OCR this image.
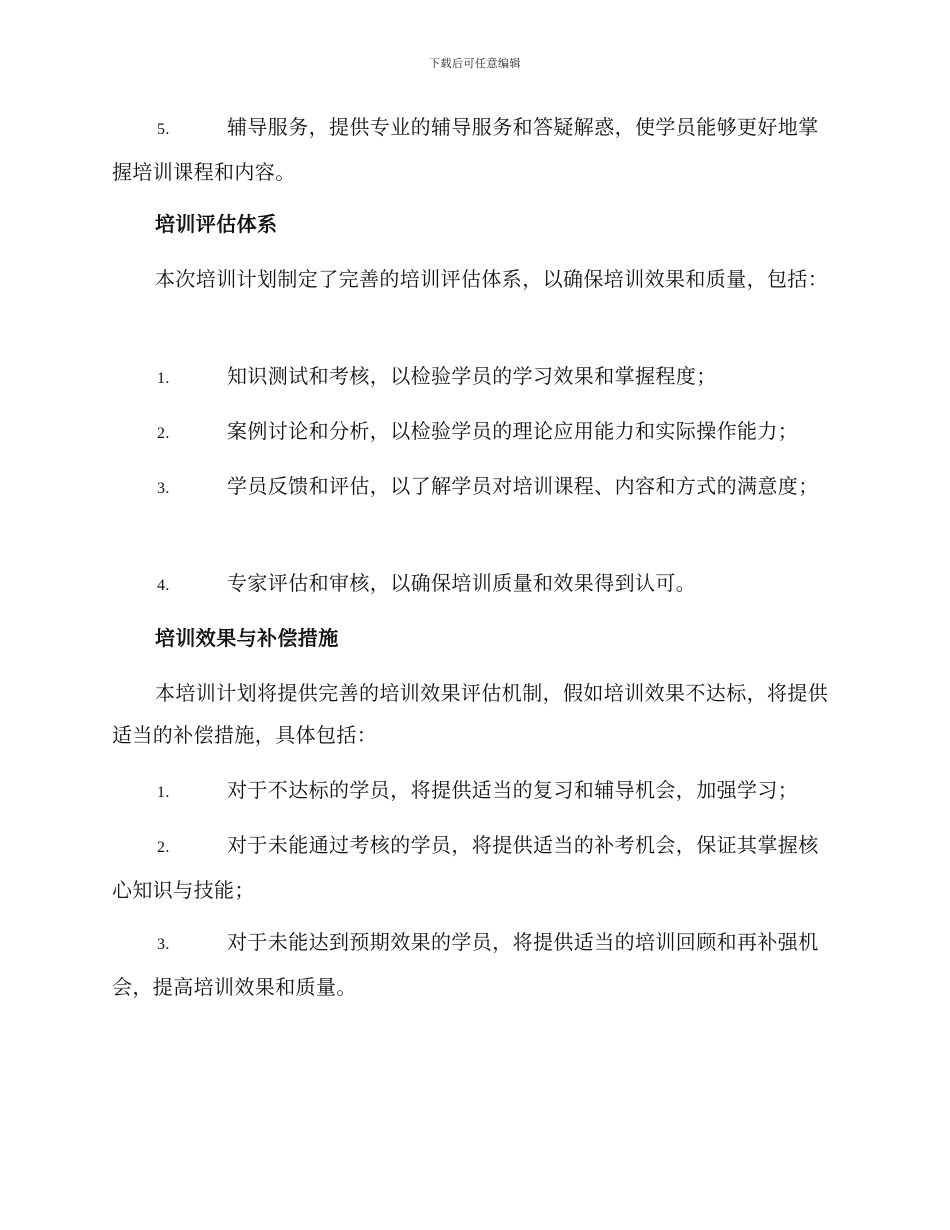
下载后可任意编辑

5.	辅导服务，提供专业的辅导服务和答疑解惑，使学员能够更好地掌握培训课程和内容。

培训评估体系

本次培训计划制定了完善的培训评估体系，以确保培训效果和质量，包括：

1.	知识测试和考核，以检验学员的学习效果和掌握程度；

2.	案例讨论和分析，以检验学员的理论应用能力和实际操作能力；

3.	学员反馈和评估，以了解学员对培训课程、内容和方式的满意度；

4.	专家评估和审核，以确保培训质量和效果得到认可。

培训效果与补偿措施

本培训计划将提供完善的培训效果评估机制，假如培训效果不达标，将提供适当的补偿措施，具体包括：

1.	对于不达标的学员，将提供适当的复习和辅导机会，加强学习；

2.	对于未能通过考核的学员，将提供适当的补考机会，保证其掌握核心知识与技能；

3.	对于未能达到预期效果的学员，将提供适当的培训回顾和再补强机会，提高培训效果和质量。
